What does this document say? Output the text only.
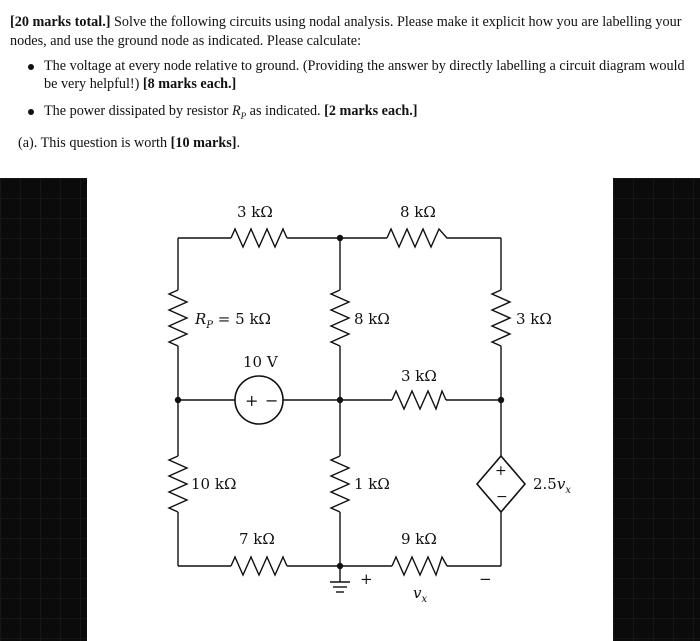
[20 marks total.] Solve the following circuits using nodal analysis. Please make it explicit how you are labelling your nodes, and use the ground node as indicated. Please calculate:

The voltage at every node relative to ground. (Providing the answer by directly labelling a circuit diagram would be very helpful!) [8 marks each.]
The power dissipated by resistor $R_P$ as indicated. [2 marks each.]

(a). This question is worth [10 marks].

+ −
+
−
3 kΩ	8 kΩ
$R_P = 5$ kΩ	8 kΩ	3 kΩ
10 V
3 kΩ
10 kΩ	1 kΩ	$2.5v_x$
7 kΩ	9 kΩ
+	−
$v_x$
